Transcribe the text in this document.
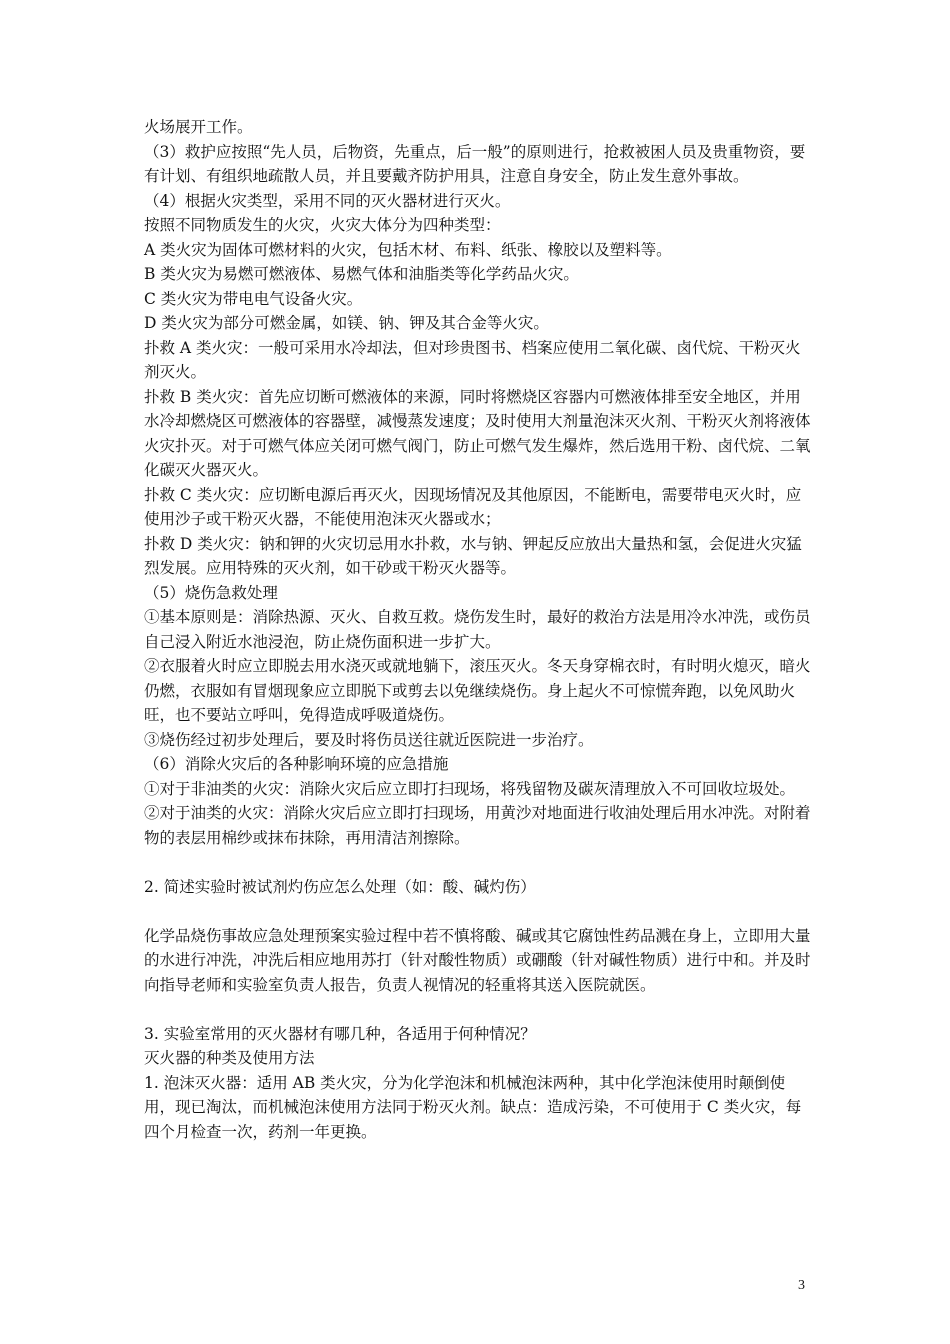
火场展开工作。

（3）救护应按照“先人员，后物资，先重点，后一般”的原则进行，抢救被困人员及贵重物资，要有计划、有组织地疏散人员，并且要戴齐防护用具，注意自身安全，防止发生意外事故。

（4）根据火灾类型，采用不同的灭火器材进行灭火。

按照不同物质发生的火灾，火灾大体分为四种类型：

A 类火灾为固体可燃材料的火灾，包括木材、布料、纸张、橡胶以及塑料等。

B 类火灾为易燃可燃液体、易燃气体和油脂类等化学药品火灾。

C 类火灾为带电电气设备火灾。

D 类火灾为部分可燃金属，如镁、钠、钾及其合金等火灾。

扑救 A 类火灾：一般可采用水冷却法，但对珍贵图书、档案应使用二氧化碳、卤代烷、干粉灭火剂灭火。

扑救 B 类火灾：首先应切断可燃液体的来源，同时将燃烧区容器内可燃液体排至安全地区，并用水冷却燃烧区可燃液体的容器壁，减慢蒸发速度；及时使用大剂量泡沫灭火剂、干粉灭火剂将液体火灾扑灭。对于可燃气体应关闭可燃气阀门，防止可燃气发生爆炸，然后选用干粉、卤代烷、二氧化碳灭火器灭火。

扑救 C 类火灾：应切断电源后再灭火，因现场情况及其他原因，不能断电，需要带电灭火时，应使用沙子或干粉灭火器，不能使用泡沫灭火器或水；

扑救 D 类火灾：钠和钾的火灾切忌用水扑救，水与钠、钾起反应放出大量热和氢，会促进火灾猛烈发展。应用特殊的灭火剂，如干砂或干粉灭火器等。

（5）烧伤急救处理

①基本原则是：消除热源、灭火、自救互救。烧伤发生时，最好的救治方法是用冷水冲洗，或伤员自己浸入附近水池浸泡，防止烧伤面积进一步扩大。

②衣服着火时应立即脱去用水浇灭或就地躺下，滚压灭火。冬天身穿棉衣时，有时明火熄灭，暗火仍燃，衣服如有冒烟现象应立即脱下或剪去以免继续烧伤。身上起火不可惊慌奔跑，以免风助火旺，也不要站立呼叫，免得造成呼吸道烧伤。

③烧伤经过初步处理后，要及时将伤员送往就近医院进一步治疗。

（6）消除火灾后的各种影响环境的应急措施

①对于非油类的火灾：消除火灾后应立即打扫现场，将残留物及碳灰清理放入不可回收垃圾处。

②对于油类的火灾：消除火灾后应立即打扫现场，用黄沙对地面进行收油处理后用水冲洗。对附着物的表层用棉纱或抹布抹除，再用清洁剂擦除。

2. 简述实验时被试剂灼伤应怎么处理（如：酸、碱灼伤）

化学品烧伤事故应急处理预案实验过程中若不慎将酸、碱或其它腐蚀性药品溅在身上，立即用大量的水进行冲洗，冲洗后相应地用苏打（针对酸性物质）或硼酸（针对碱性物质）进行中和。并及时向指导老师和实验室负责人报告，负责人视情况的轻重将其送入医院就医。

3. 实验室常用的灭火器材有哪几种，各适用于何种情况？

灭火器的种类及使用方法

1. 泡沫灭火器：适用 AB 类火灾，分为化学泡沫和机械泡沫两种，其中化学泡沫使用时颠倒使用，现已淘汰，而机械泡沫使用方法同于粉灭火剂。缺点：造成污染，不可使用于 C 类火灾，每四个月检查一次，药剂一年更换。

3
